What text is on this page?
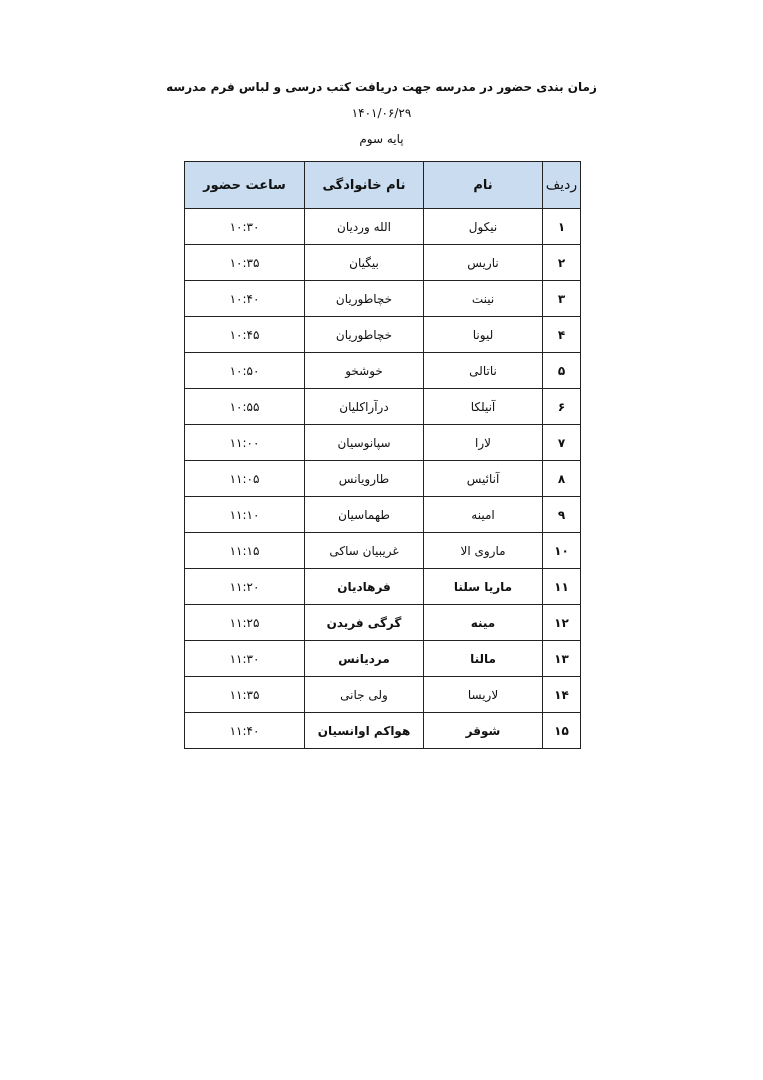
زمان بندی حضور در مدرسه جهت دریافت کتب درسی و لباس فرم مدرسه
۱۴۰۱/۰۶/۲۹
پایه سوم
ردیف	نام	نام خانوادگی	ساعت حضور
۱	نیکول	الله وردیان	۱۰:۳۰
۲	ناریس	بیگیان	۱۰:۳۵
۳	نینت	خچاطوریان	۱۰:۴۰
۴	لیونا	خچاطوریان	۱۰:۴۵
۵	ناتالی	خوشخو	۱۰:۵۰
۶	آنیلکا	درآراکلیان	۱۰:۵۵
۷	لارا	سپانوسیان	۱۱:۰۰
۸	آنائیس	طارویانس	۱۱:۰۵
۹	امینه	طهماسیان	۱۱:۱۰
۱۰	ماروی الا	غریبیان ساکی	۱۱:۱۵
۱۱	ماریا سلنا	فرهادیان	۱۱:۲۰
۱۲	مینه	گرگی فریدن	۱۱:۲۵
۱۳	مالنا	مردیانس	۱۱:۳۰
۱۴	لاریسا	ولی جانی	۱۱:۳۵
۱۵	شوقر	هواکم اوانسیان	۱۱:۴۰
